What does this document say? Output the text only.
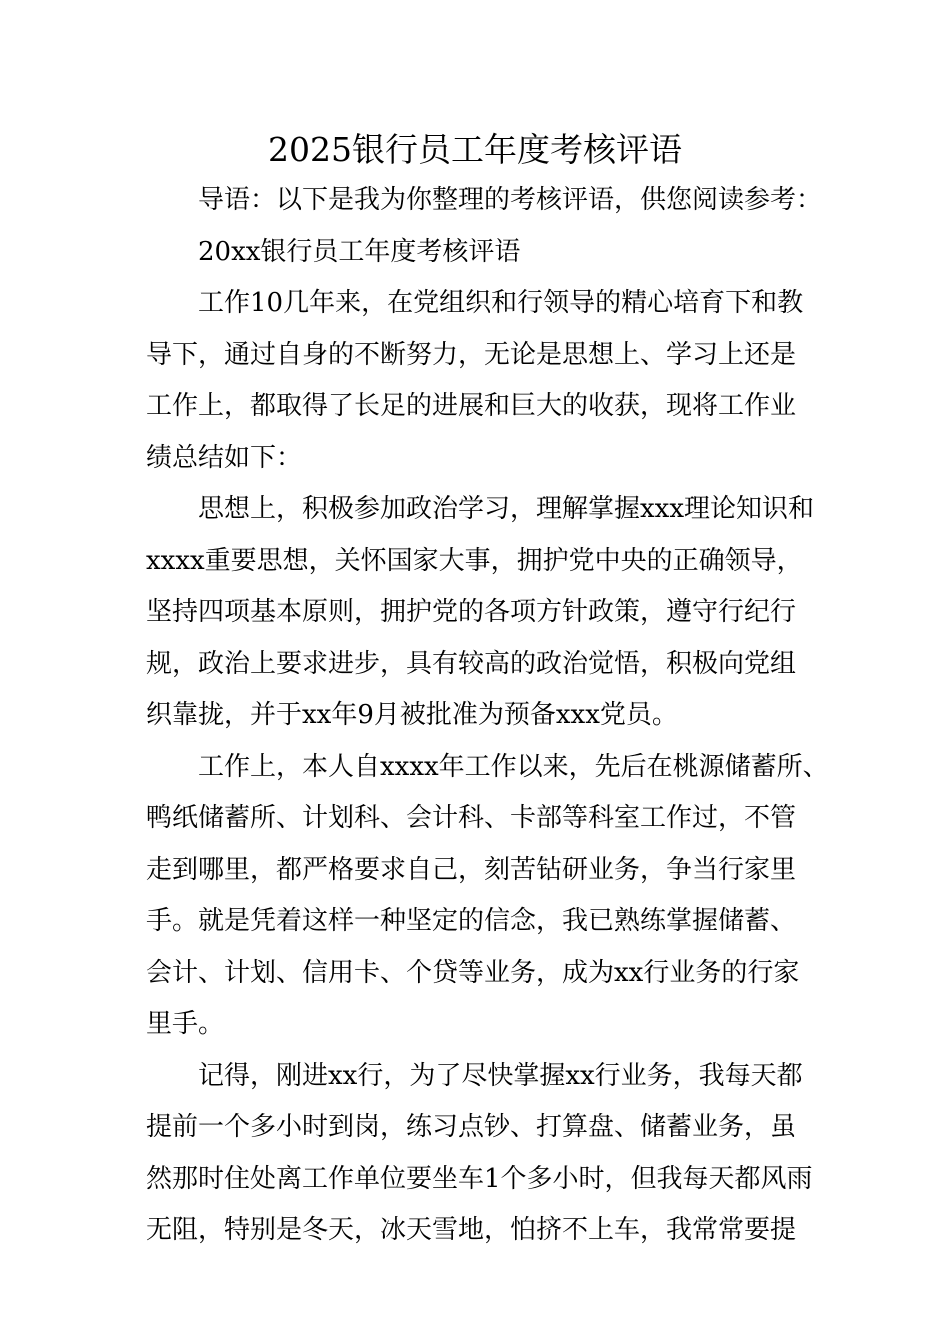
2025银行员工年度考核评语
导语：以下是我为你整理的考核评语，供您阅读参考：
20xx银行员工年度考核评语
工作10几年来，在党组织和行领导的精心培育下和教
导下，通过自身的不断努力，无论是思想上、学习上还是
工作上，都取得了长足的进展和巨大的收获，现将工作业
绩总结如下：
思想上，积极参加政治学习，理解掌握xxx理论知识和
xxxx重要思想，关怀国家大事，拥护党中央的正确领导，
坚持四项基本原则，拥护党的各项方针政策，遵守行纪行
规，政治上要求进步，具有较高的政治觉悟，积极向党组
织靠拢，并于xx年9月被批准为预备xxx党员。
工作上，本人自xxxx年工作以来，先后在桃源储蓄所、
鸭纸储蓄所、计划科、会计科、卡部等科室工作过，不管
走到哪里，都严格要求自己，刻苦钻研业务，争当行家里
手。就是凭着这样一种坚定的信念，我已熟练掌握储蓄、
会计、计划、信用卡、个贷等业务，成为xx行业务的行家
里手。
记得，刚进xx行，为了尽快掌握xx行业务，我每天都
提前一个多小时到岗，练习点钞、打算盘、储蓄业务，虽
然那时住处离工作单位要坐车1个多小时，但我每天都风雨
无阻，特别是冬天，冰天雪地，怕挤不上车，我常常要提
